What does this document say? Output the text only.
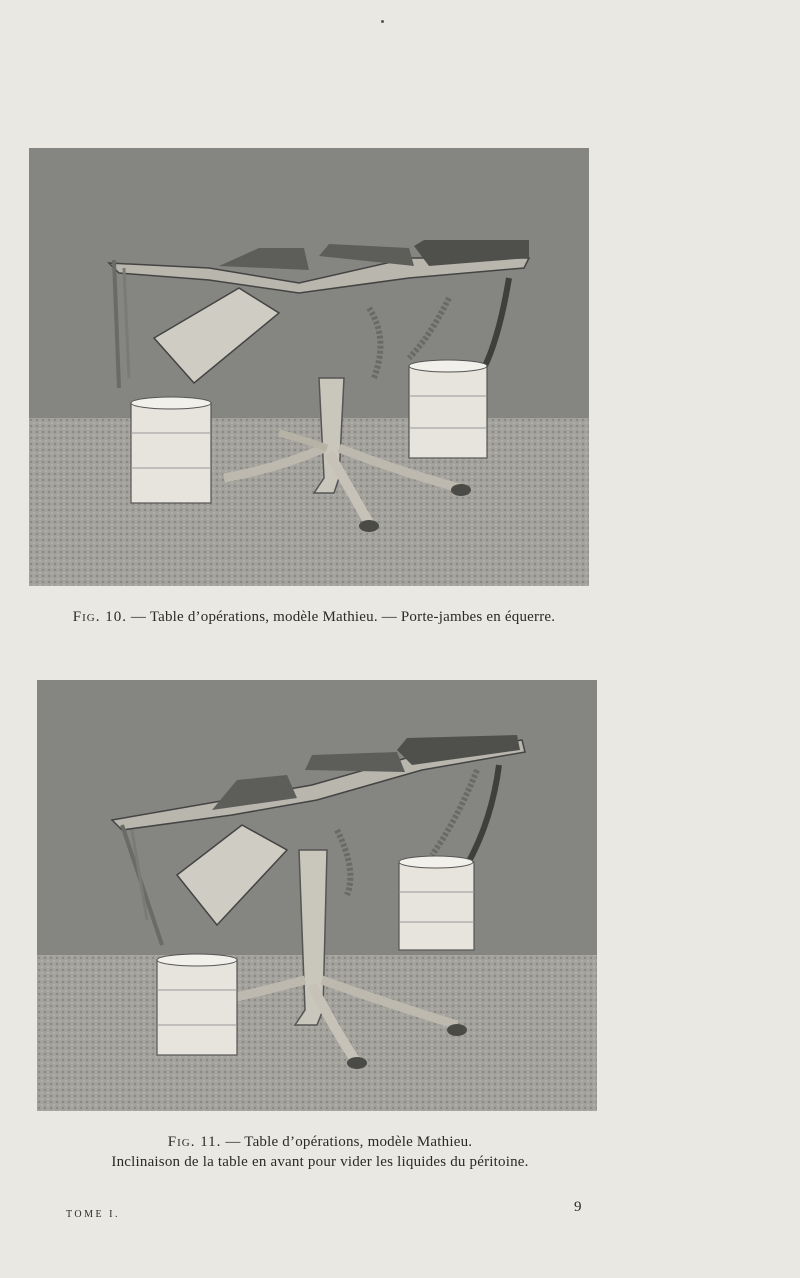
Fig. 10. — Table d’opérations, modèle Mathieu. — Porte-jambes en équerre.
Fig. 11. — Table d’opérations, modèle Mathieu.
Inclinaison de la table en avant pour vider les liquides du péritoine.
TOME I.	9
